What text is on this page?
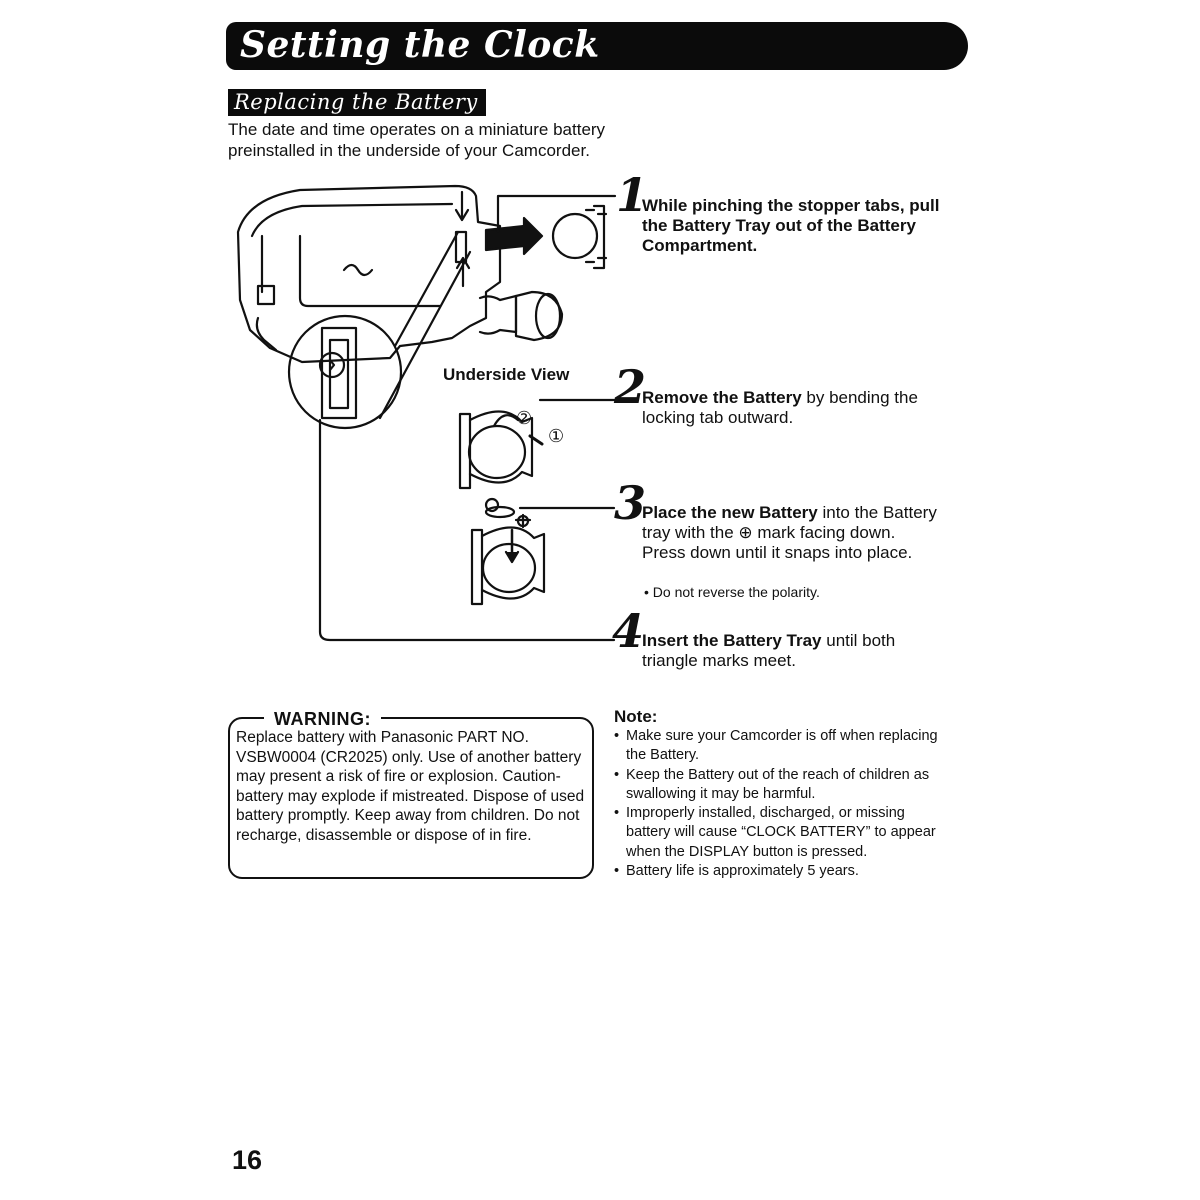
Setting the Clock
Replacing the Battery

The date and time operates on a miniature battery preinstalled in the underside of your Camcorder.

②
①
Underside View
1

While pinching the stopper tabs, pull the Battery Tray out of the Battery Compartment.

2

Remove the Battery by bending the locking tab outward.

3

Place the new Battery into the Battery tray with the ⊕ mark facing down. Press down until it snaps into place.

• Do not reverse the polarity.

4

Insert the Battery Tray until both triangle marks meet.

WARNING:

Replace battery with Panasonic PART NO. VSBW0004 (CR2025) only. Use of another battery may present a risk of fire or explosion. Caution-battery may explode if mistreated. Dispose of used battery promptly. Keep away from children. Do not recharge, disassemble or dispose of in fire.

Note:
• Make sure your Camcorder is off when replacing the Battery.
• Keep the Battery out of the reach of children as swallowing it may be harmful.
• Improperly installed, discharged, or missing battery will cause “CLOCK BATTERY” to appear when the DISPLAY button is pressed.
• Battery life is approximately 5 years.
16
